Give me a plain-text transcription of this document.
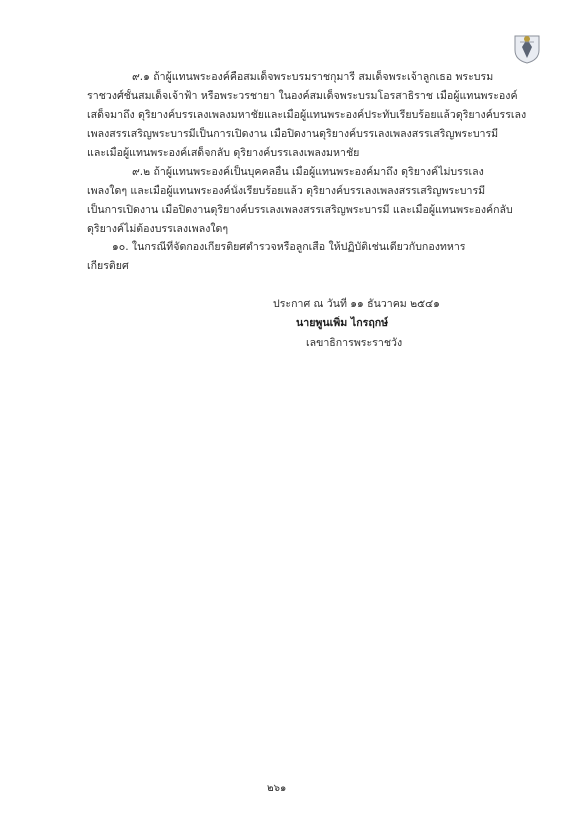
๙.๑ ถ้าผู้แทนพระองค์คือสมเด็จพระบรมราชกุมารี สมเด็จพระเจ้าลูกเธอ พระบรม
ราชวงศ์ชั้นสมเด็จเจ้าฟ้า หรือพระวรชายา ในองค์สมเด็จพระบรมโอรสาธิราช เมื่อผู้แทนพระองค์
เสด็จมาถึง ดุริยางค์บรรเลงเพลงมหาชัยและเมื่อผู้แทนพระองค์ประทับเรียบร้อยแล้วดุริยางค์บรรเลง
เพลงสรรเสริญพระบารมีเป็นการเปิดงาน เมื่อปิดงานดุริยางค์บรรเลงเพลงสรรเสริญพระบารมี
และเมื่อผู้แทนพระองค์เสด็จกลับ ดุริยางค์บรรเลงเพลงมหาชัย
๙.๒ ถ้าผู้แทนพระองค์เป็นบุคคลอื่น เมื่อผู้แทนพระองค์มาถึง ดุริยางค์ไม่บรรเลง
เพลงใดๆ และเมื่อผู้แทนพระองค์นั่งเรียบร้อยแล้ว ดุริยางค์บรรเลงเพลงสรรเสริญพระบารมี
เป็นการเปิดงาน เมื่อปิดงานดุริยางค์บรรเลงเพลงสรรเสริญพระบารมี และเมื่อผู้แทนพระองค์กลับ
ดุริยางค์ไม่ต้องบรรเลงเพลงใดๆ
๑๐. ในกรณีที่จัดกองเกียรติยศตำรวจหรือลูกเสือ ให้ปฏิบัติเช่นเดียวกับกองทหาร
เกียรติยศ
ประกาศ ณ วันที่ ๑๑ ธันวาคม ๒๕๔๑
นายพูนเพิ่ม ไกรฤกษ์
เลขาธิการพระราชวัง
๒๖๑
